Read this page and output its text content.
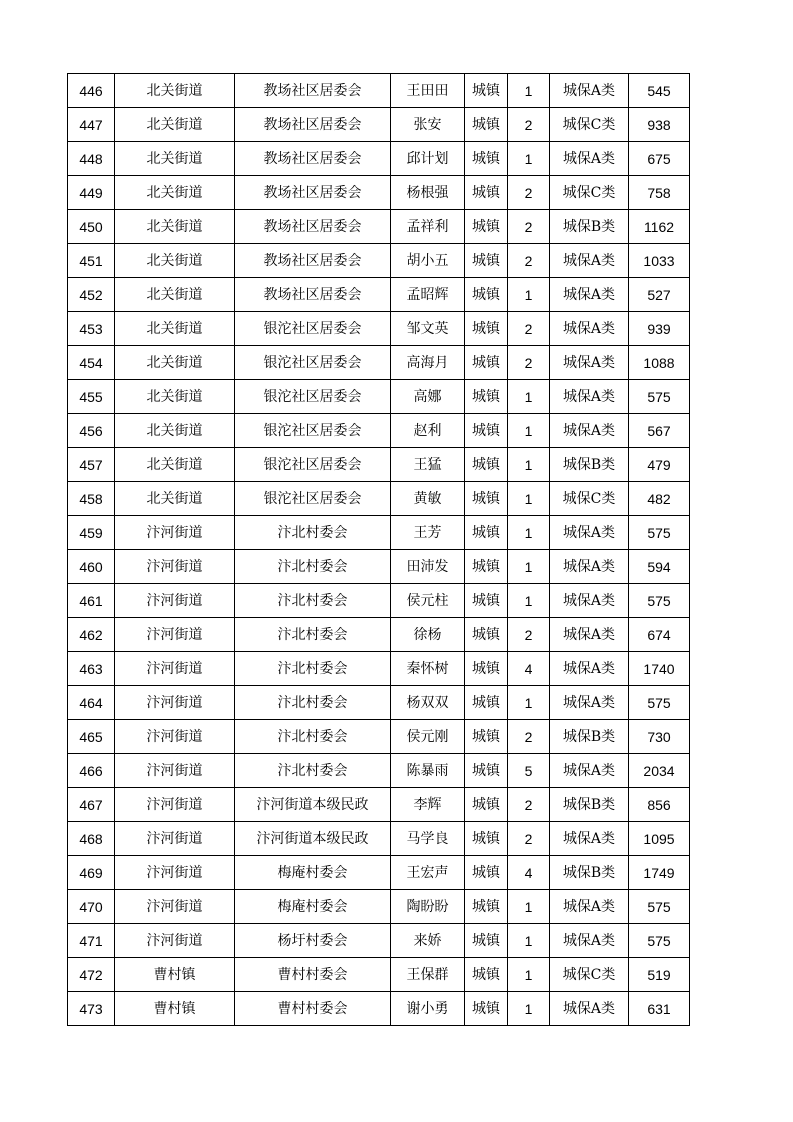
446	北关街道	教场社区居委会	王田田	城镇	1	城保A类	545
447	北关街道	教场社区居委会	张安	城镇	2	城保C类	938
448	北关街道	教场社区居委会	邱计划	城镇	1	城保A类	675
449	北关街道	教场社区居委会	杨根强	城镇	2	城保C类	758
450	北关街道	教场社区居委会	孟祥利	城镇	2	城保B类	1162
451	北关街道	教场社区居委会	胡小五	城镇	2	城保A类	1033
452	北关街道	教场社区居委会	孟昭辉	城镇	1	城保A类	527
453	北关街道	银沱社区居委会	邹文英	城镇	2	城保A类	939
454	北关街道	银沱社区居委会	高海月	城镇	2	城保A类	1088
455	北关街道	银沱社区居委会	高娜	城镇	1	城保A类	575
456	北关街道	银沱社区居委会	赵利	城镇	1	城保A类	567
457	北关街道	银沱社区居委会	王猛	城镇	1	城保B类	479
458	北关街道	银沱社区居委会	黄敏	城镇	1	城保C类	482
459	汴河街道	汴北村委会	王芳	城镇	1	城保A类	575
460	汴河街道	汴北村委会	田沛发	城镇	1	城保A类	594
461	汴河街道	汴北村委会	侯元柱	城镇	1	城保A类	575
462	汴河街道	汴北村委会	徐杨	城镇	2	城保A类	674
463	汴河街道	汴北村委会	秦怀树	城镇	4	城保A类	1740
464	汴河街道	汴北村委会	杨双双	城镇	1	城保A类	575
465	汴河街道	汴北村委会	侯元刚	城镇	2	城保B类	730
466	汴河街道	汴北村委会	陈暴雨	城镇	5	城保A类	2034
467	汴河街道	汴河街道本级民政	李辉	城镇	2	城保B类	856
468	汴河街道	汴河街道本级民政	马学良	城镇	2	城保A类	1095
469	汴河街道	梅庵村委会	王宏声	城镇	4	城保B类	1749
470	汴河街道	梅庵村委会	陶盼盼	城镇	1	城保A类	575
471	汴河街道	杨圩村委会	来娇	城镇	1	城保A类	575
472	曹村镇	曹村村委会	王保群	城镇	1	城保C类	519
473	曹村镇	曹村村委会	谢小勇	城镇	1	城保A类	631
